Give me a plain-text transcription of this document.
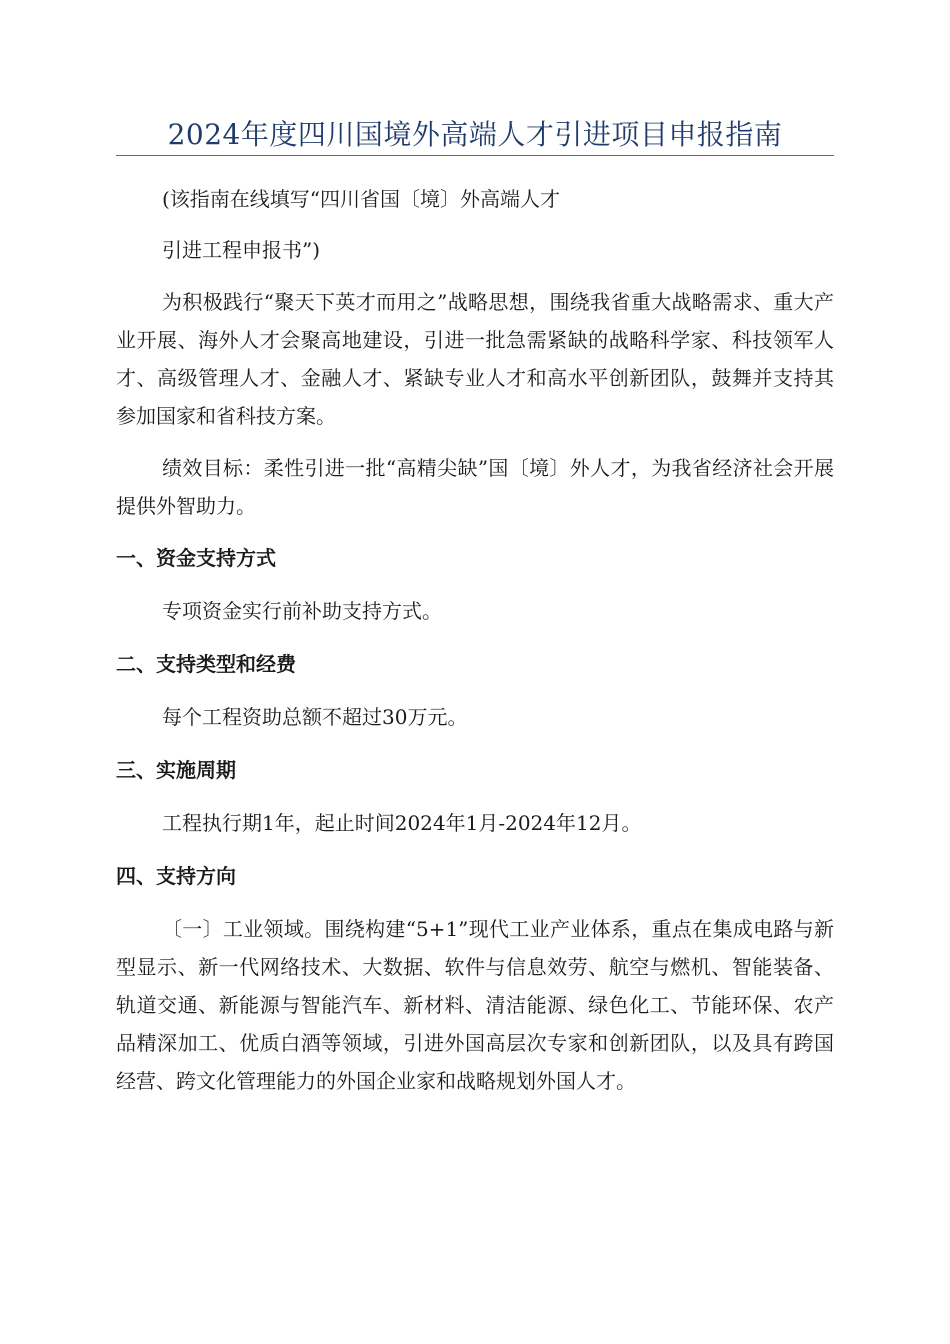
2024年度四川国境外高端人才引进项目申报指南

(该指南在线填写“四川省国〔境〕外高端人才

引进工程申报书”)

为积极践行“聚天下英才而用之”战略思想，围绕我省重大战略需求、重大产业开展、海外人才会聚高地建设，引进一批急需紧缺的战略科学家、科技领军人才、高级管理人才、金融人才、紧缺专业人才和高水平创新团队，鼓舞并支持其参加国家和省科技方案。

绩效目标：柔性引进一批“高精尖缺”国〔境〕外人才，为我省经济社会开展提供外智助力。

一、资金支持方式

专项资金实行前补助支持方式。

二、支持类型和经费

每个工程资助总额不超过30万元。

三、实施周期

工程执行期1年，起止时间2024年1月-2024年12月。

四、支持方向

〔一〕工业领域。围绕构建“5+1”现代工业产业体系，重点在集成电路与新型显示、新一代网络技术、大数据、软件与信息效劳、航空与燃机、智能装备、轨道交通、新能源与智能汽车、新材料、清洁能源、绿色化工、节能环保、农产品精深加工、优质白酒等领域，引进外国高层次专家和创新团队，以及具有跨国经营、跨文化管理能力的外国企业家和战略规划外国人才。
